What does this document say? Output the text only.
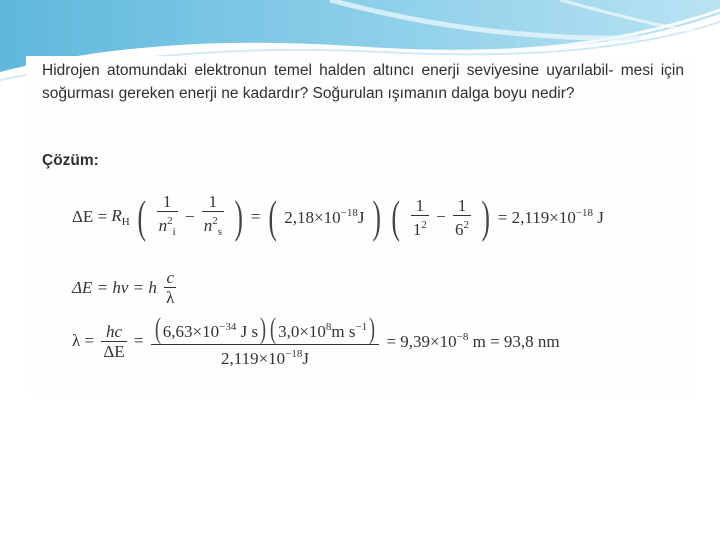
Hidrojen atomundaki elektronun temel halden altıncı enerji seviyesine uyarılabil- mesi için soğurması gereken enerji ne kadardır? Soğurulan ışımanın dalga boyu nedir?

Çözüm:
$\Delta E = R_H$ ( $\frac{1}{n^2_i} - \frac{1}{n^2_s}$ ) = ( $2,18\times 10^{-18}J$ ) ( $\frac{1}{1^2} - \frac{1}{6^2}$ ) = $2,119\times 10^{-18}$ J
ΔE = hν = h $\frac{c}{\lambda}$
$\lambda = \frac{hc}{\Delta E} = \frac{( 6,63\times 10^{-34} J s) ( 3,0\times 10^8m s^{-1})}{2,119\times 10^{-18}J} = 9,39\times 10^{-8}$ m = 93,8 nm
